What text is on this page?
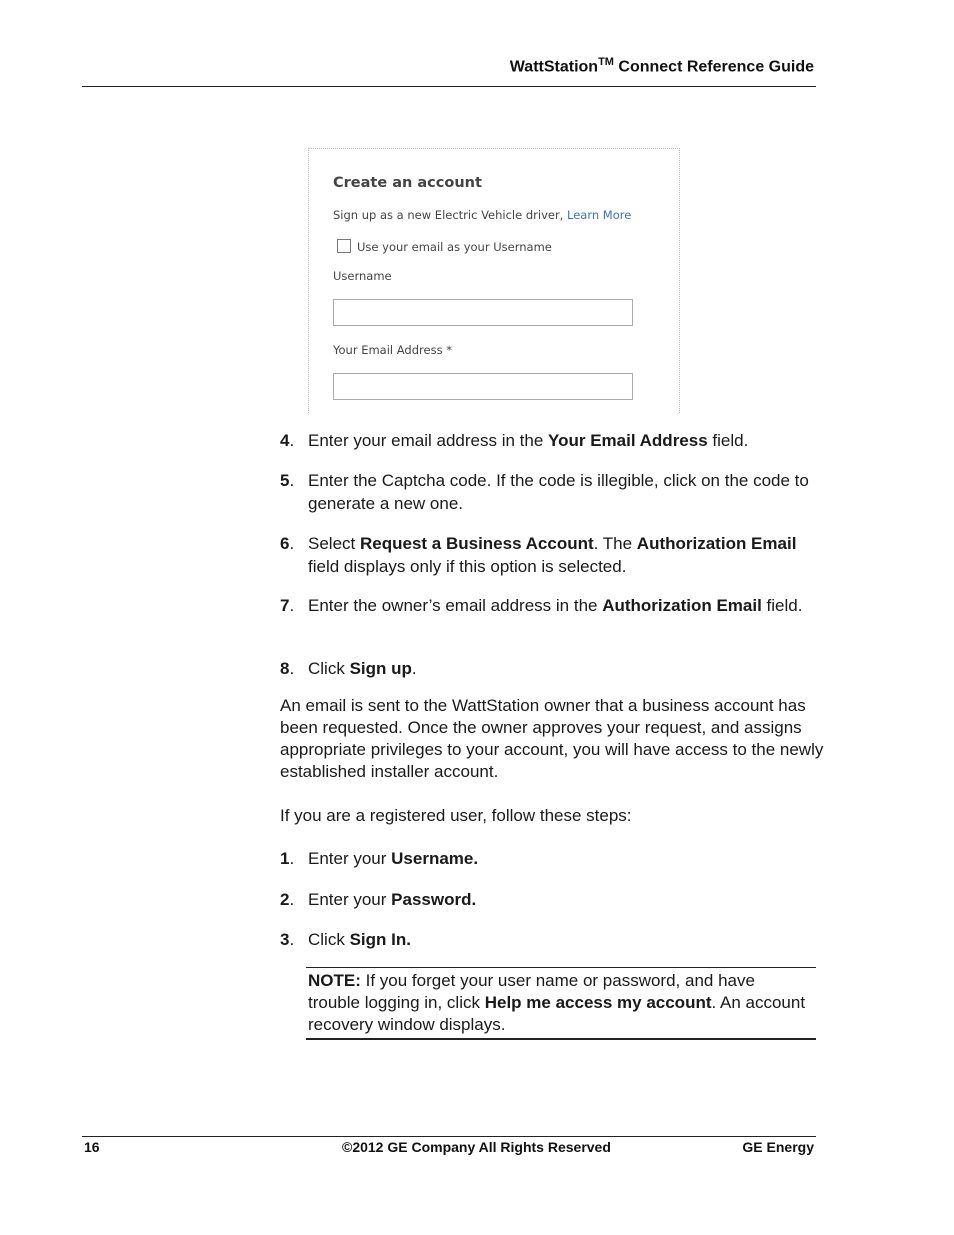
WattStation™ Connect Reference Guide
Create an account
Sign up as a new Electric Vehicle driver, Learn More
Use your email as your Username
Username
Your Email Address *
4. Enter your email address in the Your Email Address field.
5. Enter the Captcha code. If the code is illegible, click on the code to generate a new one.
6. Select Request a Business Account. The Authorization Email field displays only if this option is selected.
7. Enter the owner’s email address in the Authorization Email field.
8. Click Sign up.
An email is sent to the WattStation owner that a business account has been requested. Once the owner approves your request, and assigns appropriate privileges to your account, you will have access to the newly established installer account.
If you are a registered user, follow these steps:
1. Enter your Username.
2. Enter your Password.
3. Click Sign In.
NOTE: If you forget your user name or password, and have trouble logging in, click Help me access my account. An account recovery window displays.
16	©2012 GE Company All Rights Reserved	GE Energy
